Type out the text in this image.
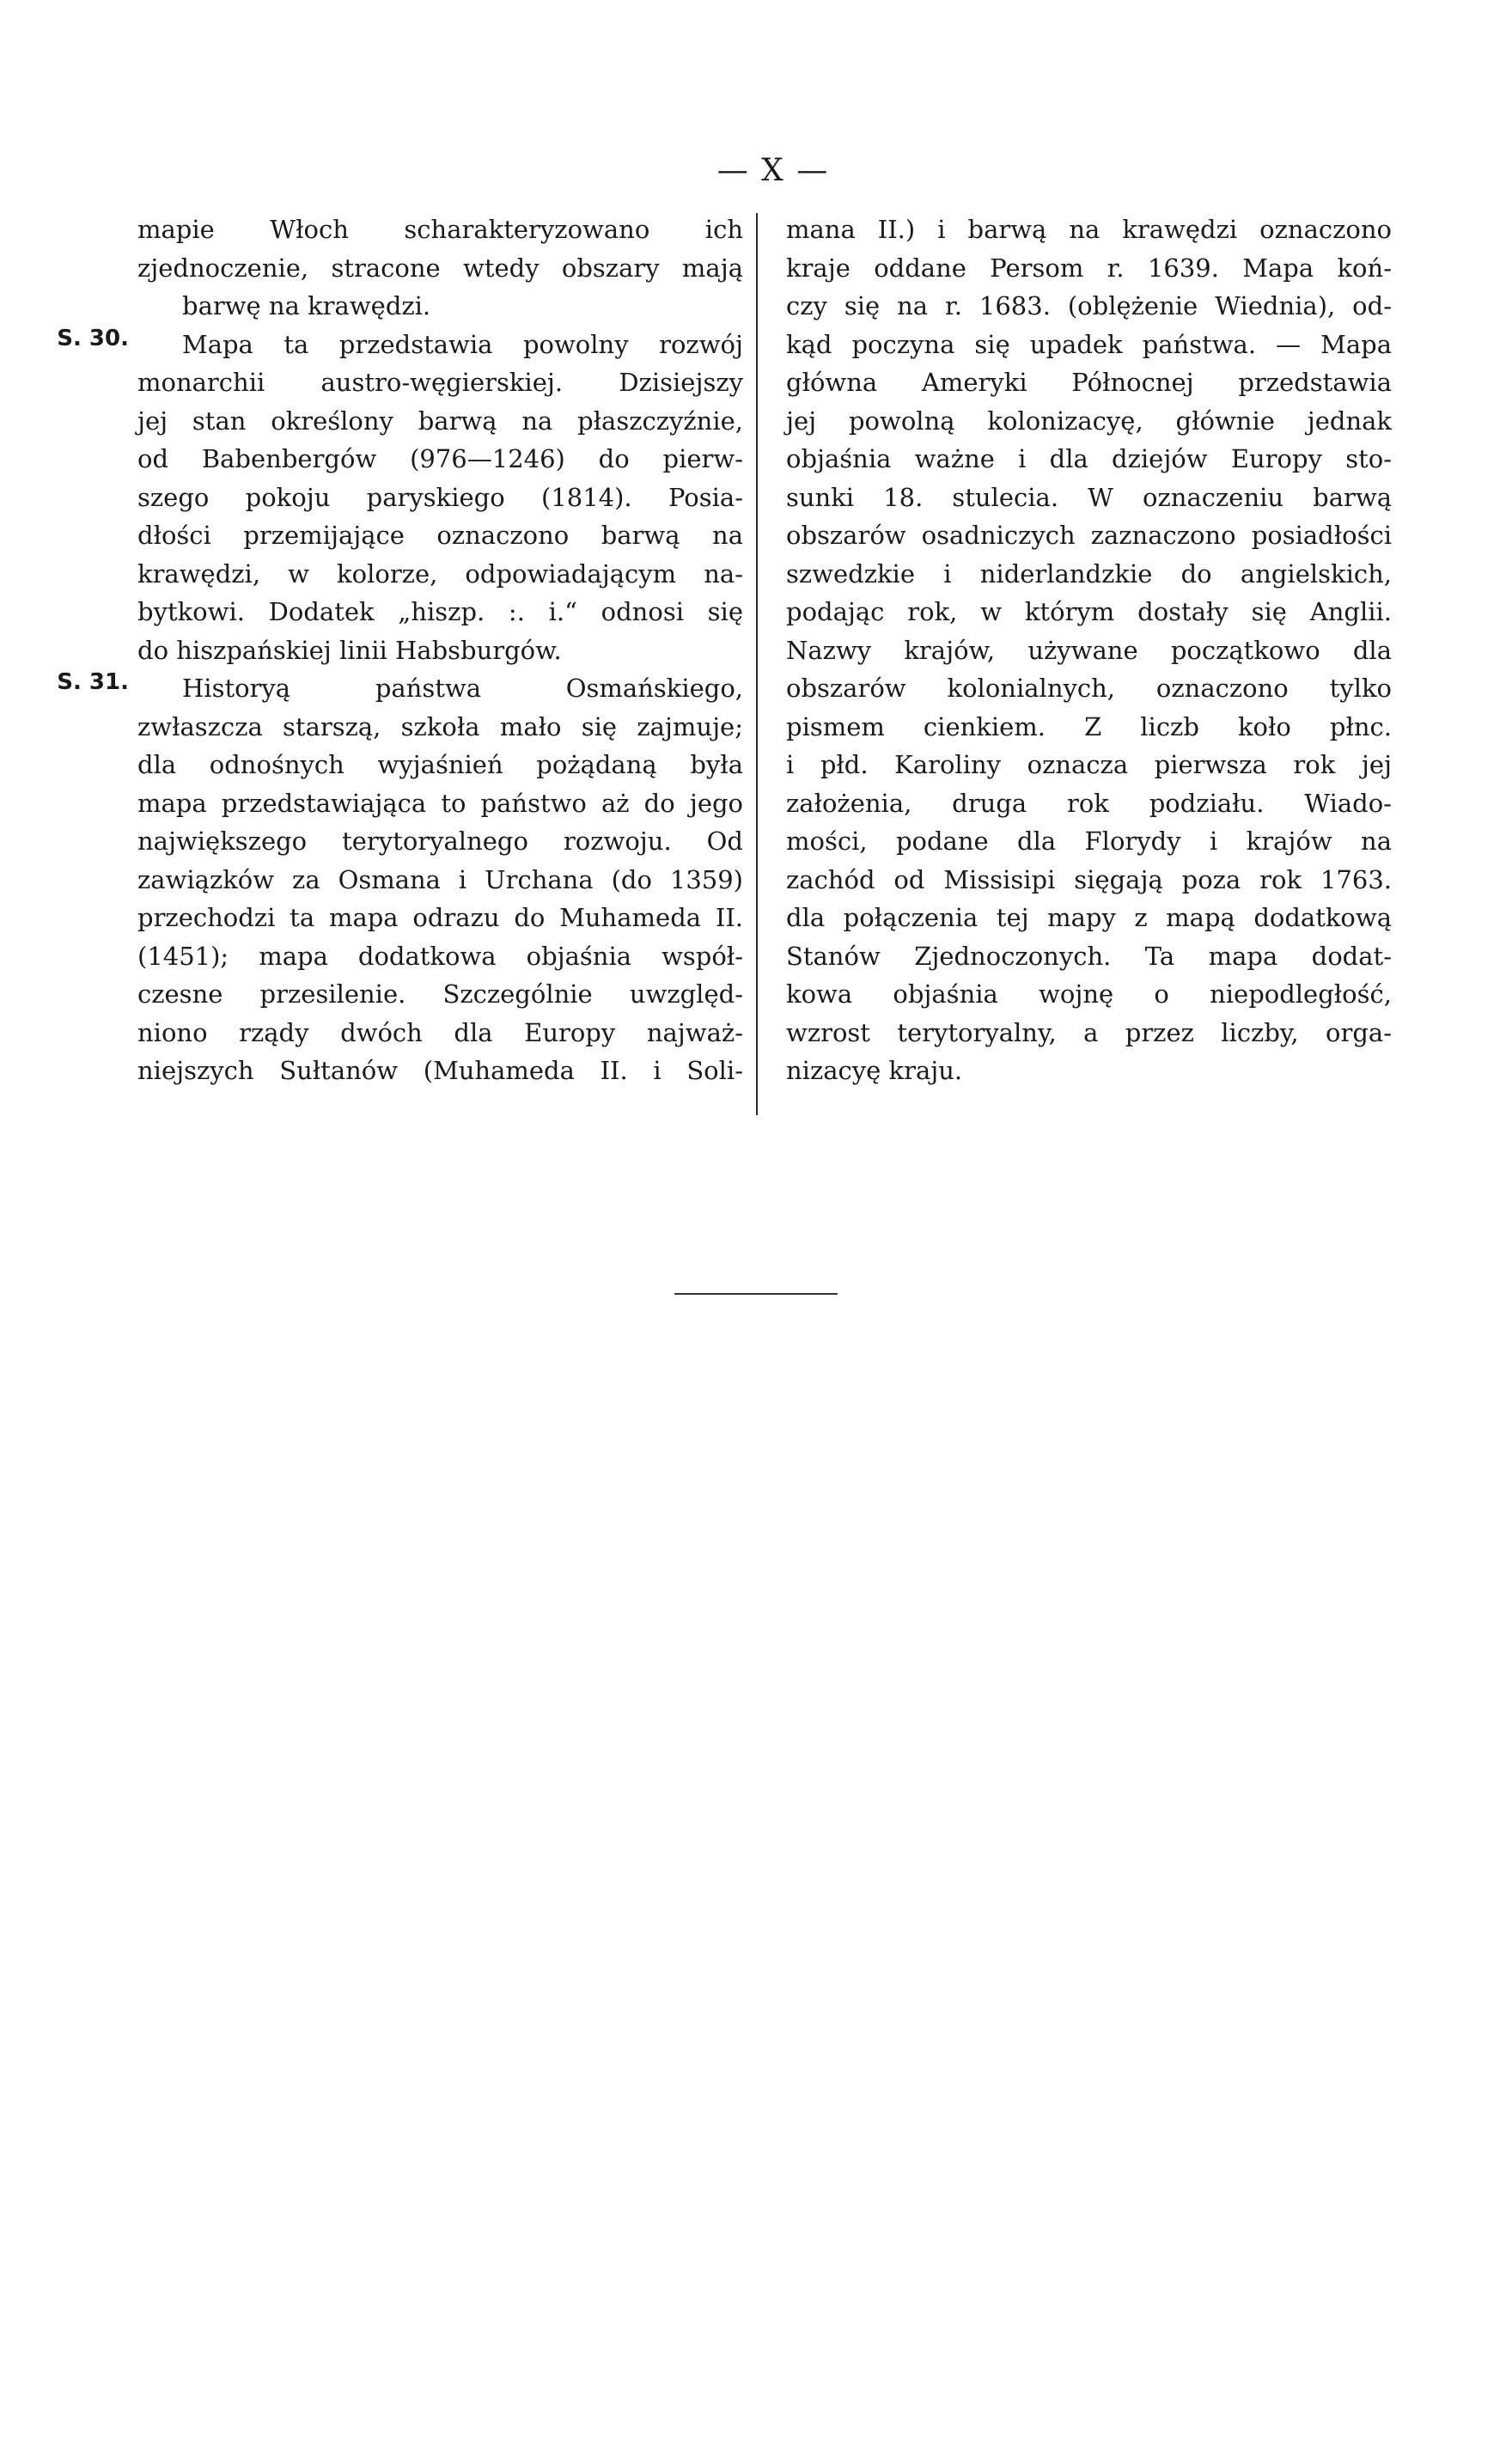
— X —
mapie Włoch scharakteryzowano ich
zjednoczenie, stracone wtedy obszary mają
barwę na krawędzi.
S. 30.	Mapa ta przedstawia powolny rozwój
monarchii austro-węgierskiej. Dzisiejszy
jej stan określony barwą na płaszczyźnie,
od Babenbergów (976—1246) do pierw-
szego pokoju paryskiego (1814). Posia-
dłości przemijające oznaczono barwą na
krawędzi, w kolorze, odpowiadającym na-
bytkowi. Dodatek „hiszp. :. i.“ odnosi się
do hiszpańskiej linii Habsburgów.
S. 31.	Historyą państwa Osmańskiego,
zwłaszcza starszą, szkoła mało się zajmuje;
dla odnośnych wyjaśnień pożądaną była
mapa przedstawiająca to państwo aż do jego
największego terytoryalnego rozwoju. Od
zawiązków za Osmana i Urchana (do 1359)
przechodzi ta mapa odrazu do Muhameda II.
(1451); mapa dodatkowa objaśnia współ-
czesne przesilenie. Szczególnie uwzględ-
niono rządy dwóch dla Europy najważ-
niejszych Sułtanów (Muhameda II. i Soli-
mana II.) i barwą na krawędzi oznaczono
kraje oddane Persom r. 1639. Mapa koń-
czy się na r. 1683. (oblężenie Wiednia), od-
kąd poczyna się upadek państwa. — Mapa
główna Ameryki Północnej przedstawia
jej powolną kolonizacyę, głównie jednak
objaśnia ważne i dla dziejów Europy sto-
sunki 18. stulecia. W oznaczeniu barwą
obszarów osadniczych zaznaczono posiadłości
szwedzkie i niderlandzkie do angielskich,
podając rok, w którym dostały się Anglii.
Nazwy krajów, używane początkowo dla
obszarów kolonialnych, oznaczono tylko
pismem cienkiem. Z liczb koło płnc.
i płd. Karoliny oznacza pierwsza rok jej
założenia, druga rok podziału. Wiado-
mości, podane dla Florydy i krajów na
zachód od Missisipi sięgają poza rok 1763.
dla połączenia tej mapy z mapą dodatkową
Stanów Zjednoczonych. Ta mapa dodat-
kowa objaśnia wojnę o niepodległość,
wzrost terytoryalny, a przez liczby, orga-
nizacyę kraju.
